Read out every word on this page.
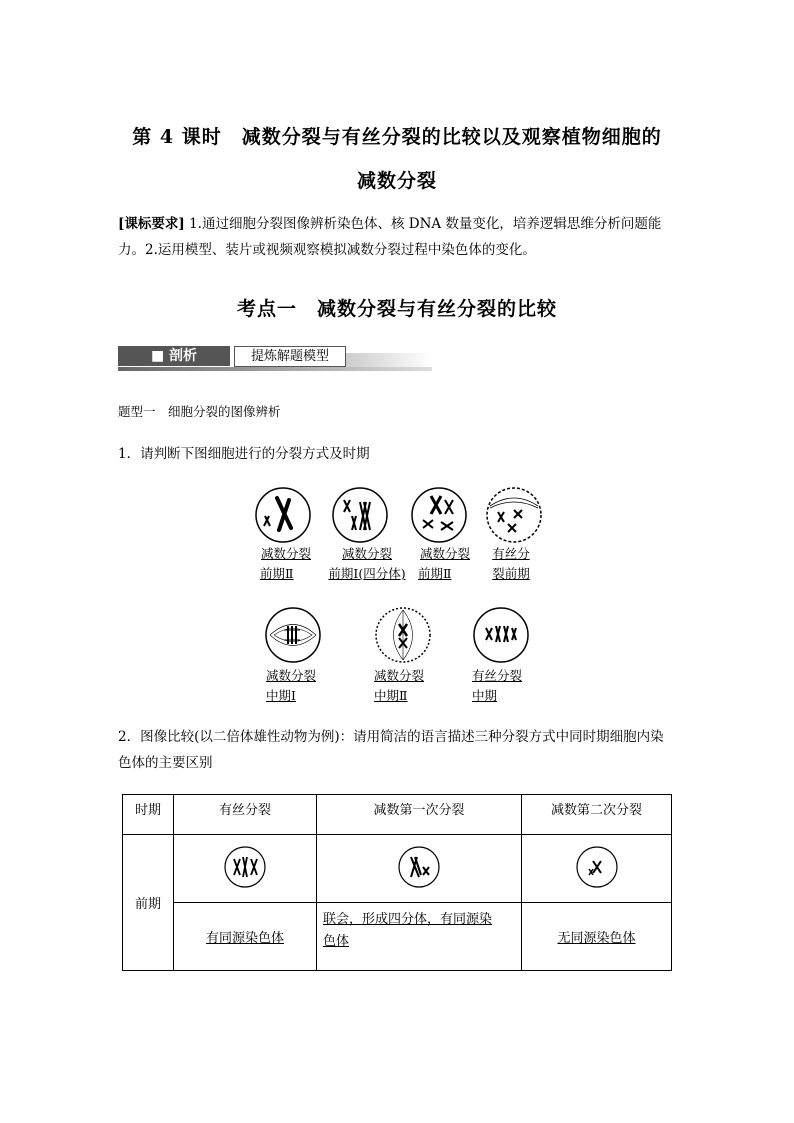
第 4 课时　减数分裂与有丝分裂的比较以及观察植物细胞的
减数分裂
[课标要求] 1.通过细胞分裂图像辨析染色体、核 DNA 数量变化，培养逻辑思维分析问题能
力。2.运用模型、装片或视频观察模拟减数分裂过程中染色体的变化。
考点一　减数分裂与有丝分裂的比较
■ 剖析	提炼解题模型
题型一　细胞分裂的图像辨析
1．请判断下图细胞进行的分裂方式及时期
减数分裂
前期Ⅱ
减数分裂
前期Ⅰ(四分体)
减数分裂
前期Ⅱ
有丝分
裂前期
减数分裂
中期Ⅰ
减数分裂
中期Ⅱ
有丝分裂
中期
2．图像比较(以二倍体雄性动物为例)：请用简洁的语言描述三种分裂方式中同时期细胞内染
色体的主要区别
时期	有丝分裂	减数第一次分裂	减数第二次分裂
前期			
	有同源染色体	联会，形成四分体，有同源染
色体	无同源染色体
